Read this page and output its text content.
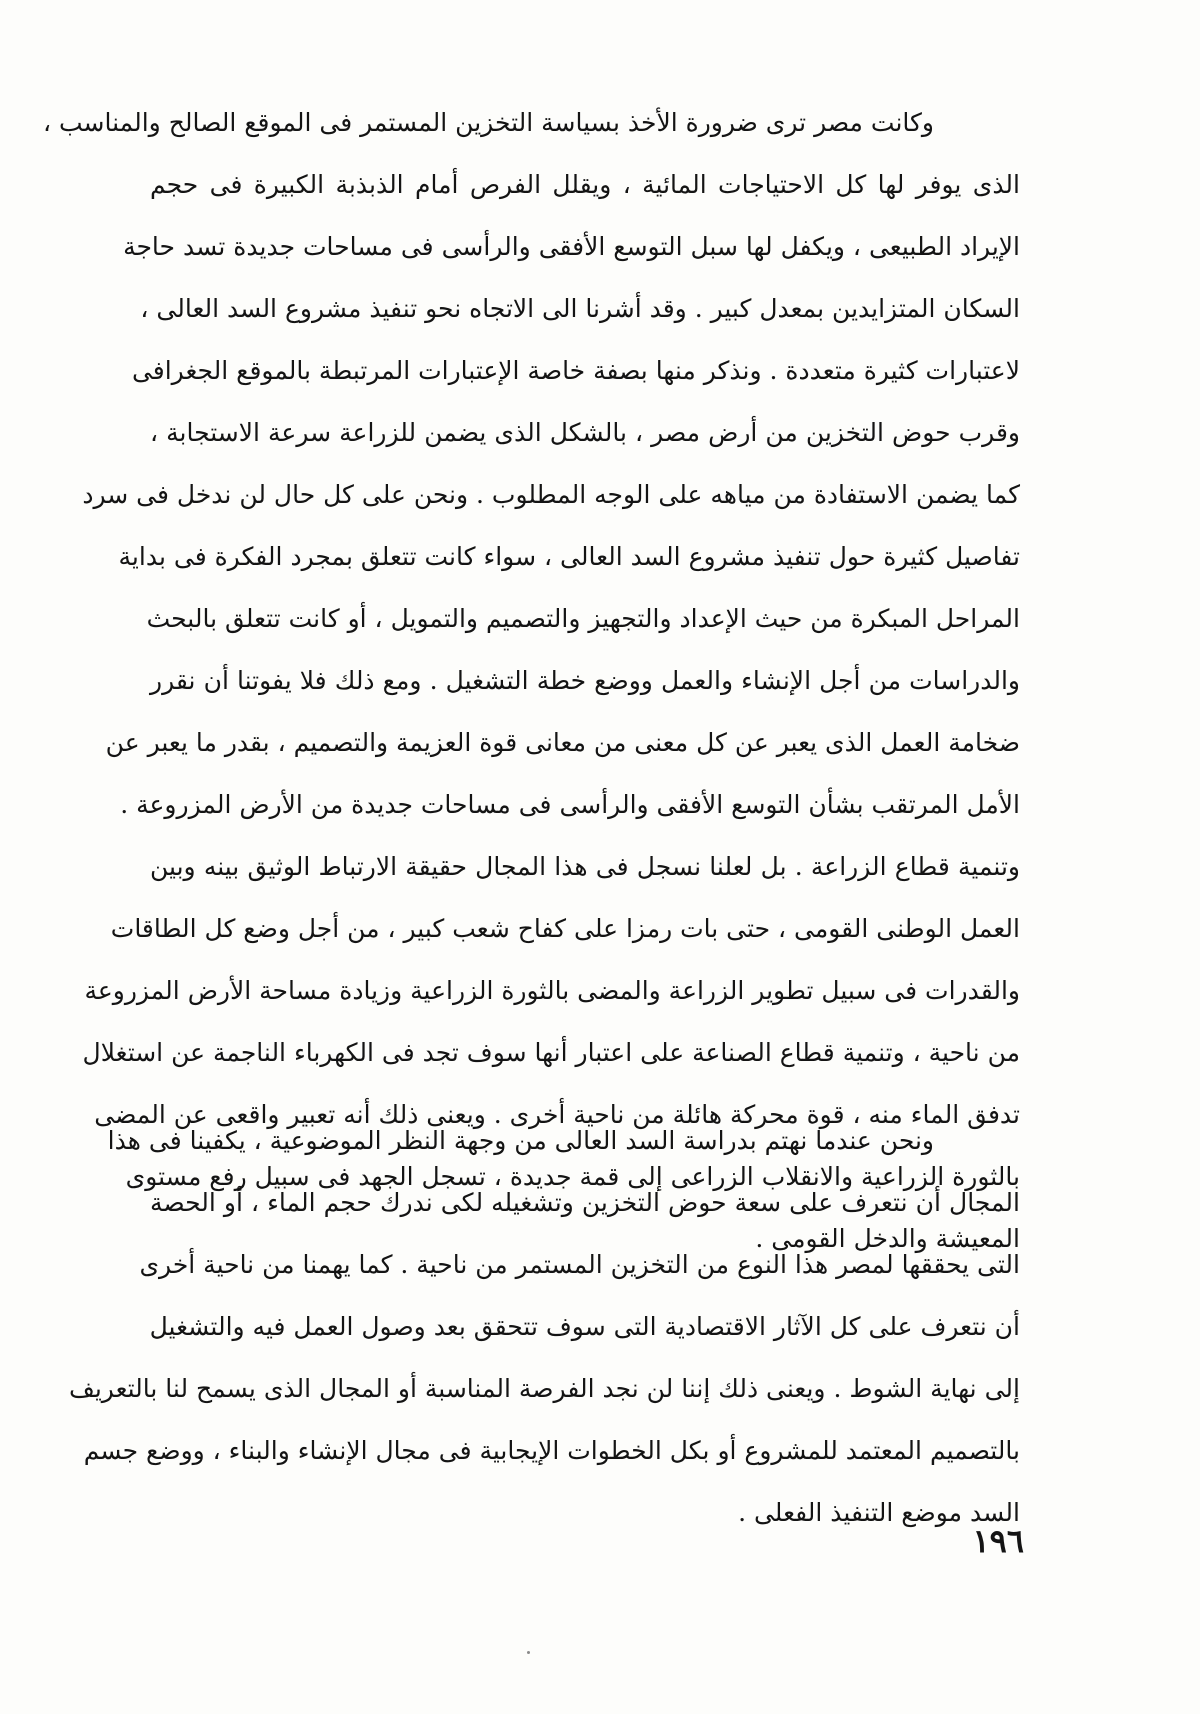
وكانت مصر ترى ضرورة الأخذ بسياسة التخزين المستمر فى الموقع الصالح والمناسب ،
الذى يوفر لها كل الاحتياجات المائية ، ويقلل الفرص أمام الذبذبة الكبيرة فى حجم
الإيراد الطبيعى ، ويكفل لها سبل التوسع الأفقى والرأسى فى مساحات جديدة تسد حاجة
السكان المتزايدين بمعدل كبير . وقد أشرنا الى الاتجاه نحو تنفيذ مشروع السد العالى ،
لاعتبارات كثيرة متعددة . ونذكر منها بصفة خاصة الإعتبارات المرتبطة بالموقع الجغرافى
وقرب حوض التخزين من أرض مصر ، بالشكل الذى يضمن للزراعة سرعة الاستجابة ،
كما يضمن الاستفادة من مياهه على الوجه المطلوب . ونحن على كل حال لن ندخل فى سرد
تفاصيل كثيرة حول تنفيذ مشروع السد العالى ، سواء كانت تتعلق بمجرد الفكرة فى بداية
المراحل المبكرة من حيث الإعداد والتجهيز والتصميم والتمويل ، أو كانت تتعلق بالبحث
والدراسات من أجل الإنشاء والعمل ووضع خطة التشغيل . ومع ذلك فلا يفوتنا أن نقرر
ضخامة العمل الذى يعبر عن كل معنى من معانى قوة العزيمة والتصميم ، بقدر ما يعبر عن
الأمل المرتقب بشأن التوسع الأفقى والرأسى فى مساحات جديدة من الأرض المزروعة .
وتنمية قطاع الزراعة . بل لعلنا نسجل فى هذا المجال حقيقة الارتباط الوثيق بينه وبين
العمل الوطنى القومى ، حتى بات رمزا على كفاح شعب كبير ، من أجل وضع كل الطاقات
والقدرات فى سبيل تطوير الزراعة والمضى بالثورة الزراعية وزيادة مساحة الأرض المزروعة
من ناحية ، وتنمية قطاع الصناعة على اعتبار أنها سوف تجد فى الكهرباء الناجمة عن استغلال
تدفق الماء منه ، قوة محركة هائلة من ناحية أخرى . ويعنى ذلك أنه تعبير واقعى عن المضى
بالثورة الزراعية والانقلاب الزراعى إلى قمة جديدة ، تسجل الجهد فى سبيل رفع مستوى
المعيشة والدخل القومى .
ونحن عندما نهتم بدراسة السد العالى من وجهة النظر الموضوعية ، يكفينا فى هذا
المجال أن نتعرف على سعة حوض التخزين وتشغيله لكى ندرك حجم الماء ، أو الحصة
التى يحققها لمصر هذا النوع من التخزين المستمر من ناحية . كما يهمنا من ناحية أخرى
أن نتعرف على كل الآثار الاقتصادية التى سوف تتحقق بعد وصول العمل فيه والتشغيل
إلى نهاية الشوط . ويعنى ذلك إننا لن نجد الفرصة المناسبة أو المجال الذى يسمح لنا بالتعريف
بالتصميم المعتمد للمشروع أو بكل الخطوات الإيجابية فى مجال الإنشاء والبناء ، ووضع جسم
السد موضع التنفيذ الفعلى .
١٩٦
